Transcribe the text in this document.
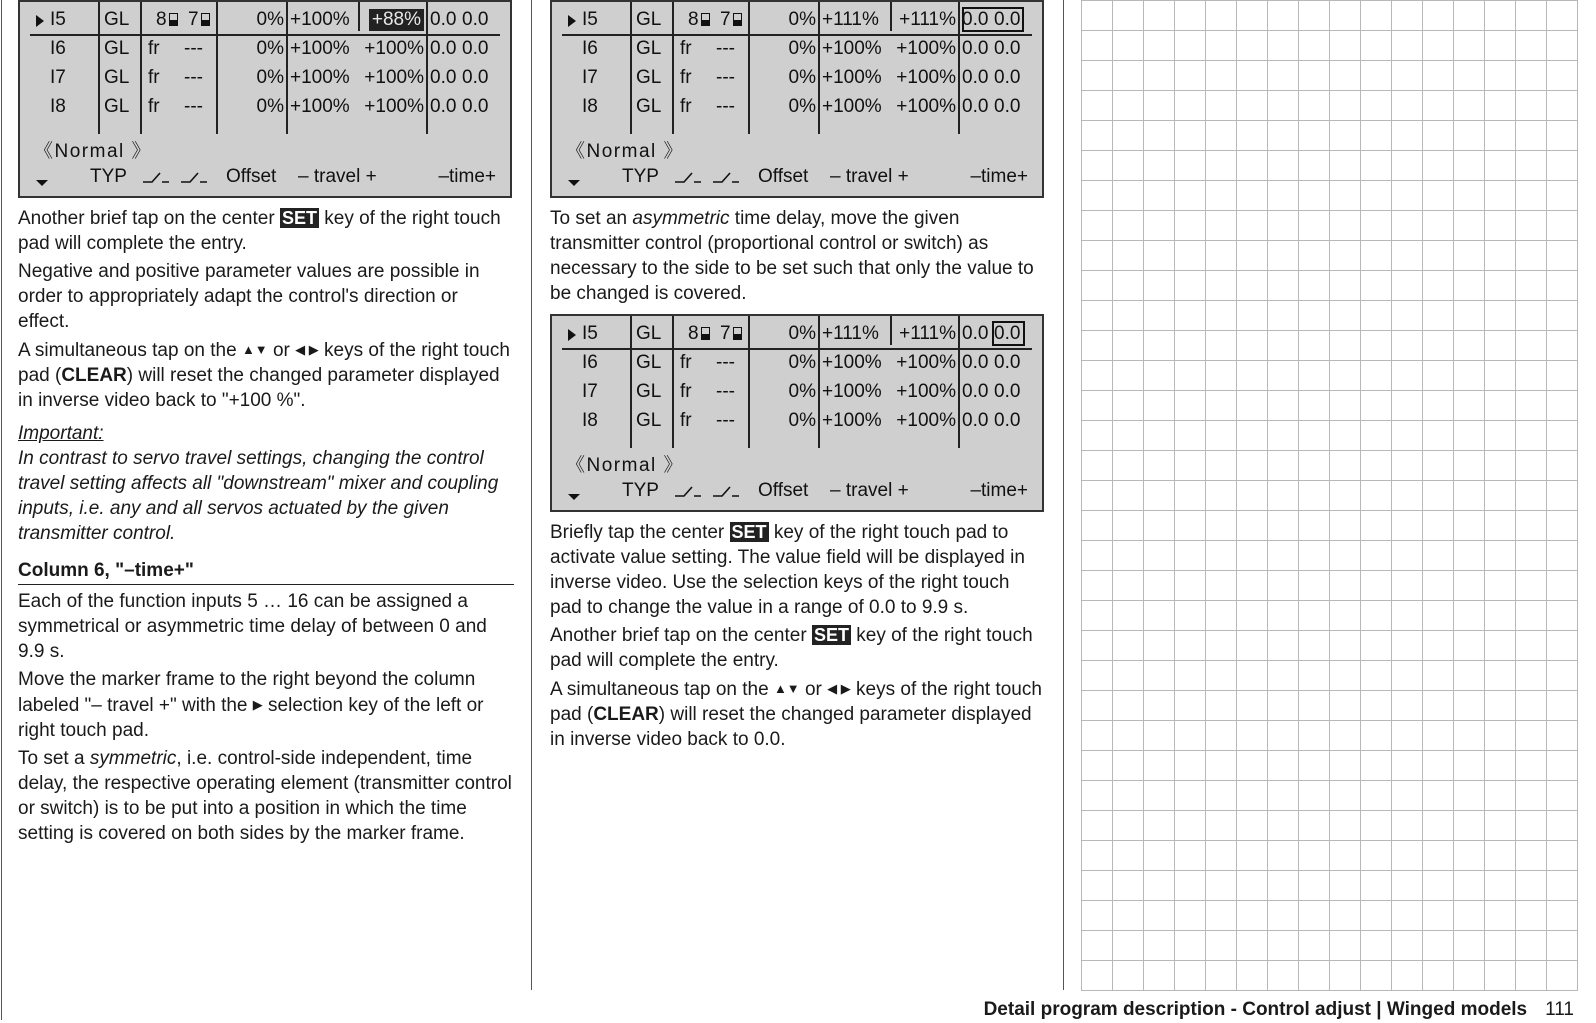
I5 GL 8	7	0% +100% +88% 0.0 0.0
I6 GL fr ---	0% +100% +100% 0.0 0.0
I7 GL fr ---	0% +100% +100% 0.0 0.0
I8 GL fr ---	0% +100% +100% 0.0 0.0
《Normal 》
TYP	Offset – travel +	–time+

Another brief tap on the center SET key of the right touch pad will complete the entry.

Negative and positive parameter values are possible in order to appropriately adapt the control's direction or effect.

A simultaneous tap on the ▲▼ or ◀ ▶ keys of the right touch pad (CLEAR) will reset the changed parameter displayed in inverse video back to "+100 %".

Important:

In contrast to servo travel settings, changing the control travel setting affects all "downstream" mixer and coupling inputs, i.e. any and all servos actuated by the given transmitter control.

Column 6, "–time+"

Each of the function inputs 5 … 16 can be assigned a symmetrical or asymmetric time delay of between 0 and 9.9 s.

Move the marker frame to the right beyond the column labeled "– travel +" with the ▶ selection key of the left or right touch pad.

To set a symmetric, i.e. control-side independent, time delay, the respective operating element (transmitter control or switch) is to be put into a position in which the time setting is covered on both sides by the marker frame.

I5 GL 8	7	0% +111% +111% 0.0 0.0
I6 GL fr ---	0% +100% +100% 0.0 0.0
I7 GL fr ---	0% +100% +100% 0.0 0.0
I8 GL fr ---	0% +100% +100% 0.0 0.0
《Normal 》
TYP	Offset – travel +	–time+

To set an asymmetric time delay, move the given transmitter control (proportional control or switch) as necessary to the side to be set such that only the value to be changed is covered.

I5 GL 8	7	0% +111% +111% 0.0 0.0
I6 GL fr ---	0% +100% +100% 0.0 0.0
I7 GL fr ---	0% +100% +100% 0.0 0.0
I8 GL fr ---	0% +100% +100% 0.0 0.0
《Normal 》
TYP	Offset – travel +	–time+

Briefly tap the center SET key of the right touch pad to activate value setting. The value field will be displayed in inverse video. Use the selection keys of the right touch pad to change the value in a range of 0.0 to 9.9 s.

Another brief tap on the center SET key of the right touch pad will complete the entry.

A simultaneous tap on the ▲▼ or ◀ ▶ keys of the right touch pad (CLEAR) will reset the changed parameter displayed in inverse video back to 0.0.

Detail program description - Control adjust | Winged models 111
